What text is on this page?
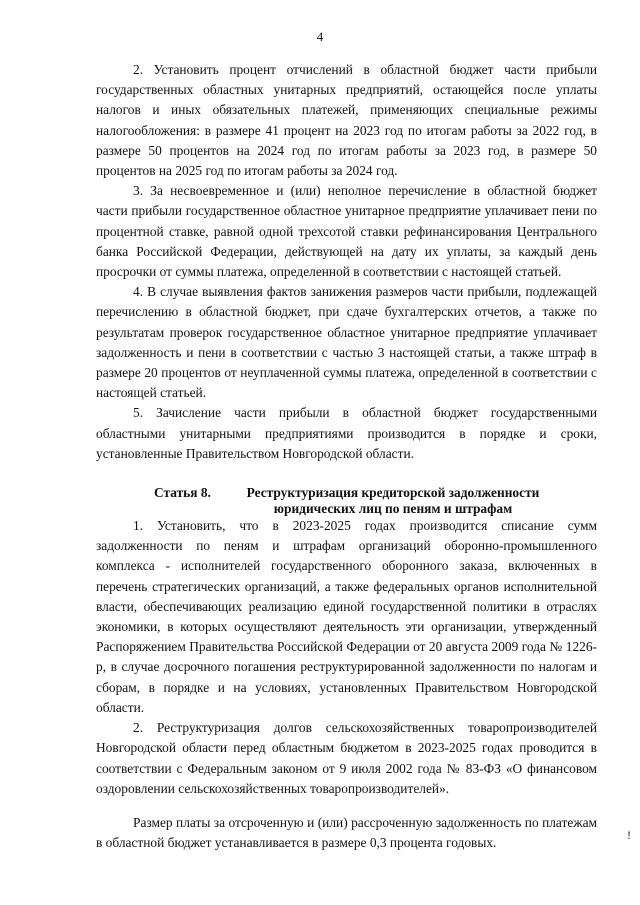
4

2. Установить процент отчислений в областной бюджет части прибыли государственных областных унитарных предприятий, остающейся после уплаты налогов и иных обязательных платежей, применяющих специальные режимы налогообложения: в размере 41 процент на 2023 год по итогам работы за 2022 год, в размере 50 процентов на 2024 год по итогам работы за 2023 год, в размере 50 процентов на 2025 год по итогам работы за 2024 год.

3. За несвоевременное и (или) неполное перечисление в областной бюджет части прибыли государственное областное унитарное предприятие уплачивает пени по процентной ставке, равной одной трехсотой ставки рефинансирования Центрального банка Российской Федерации, действующей на дату их уплаты, за каждый день просрочки от суммы платежа, определенной в соответствии с настоящей статьей.

4. В случае выявления фактов занижения размеров части прибыли, подлежащей перечислению в областной бюджет, при сдаче бухгалтерских отчетов, а также по результатам проверок государственное областное унитарное предприятие уплачивает задолженность и пени в соответствии с частью 3 настоящей статьи, а также штраф в размере 20 процентов от неуплаченной суммы платежа, определенной в соответствии с настоящей статьей.

5. Зачисление части прибыли в областной бюджет государственными областными унитарными предприятиями производится в порядке и сроки, установленные Правительством Новгородской области.

Статья 8.	Реструктуризация кредиторской задолженности
юридических лиц по пеням и штрафам

1. Установить, что в 2023-2025 годах производится списание сумм задолженности по пеням и штрафам организаций оборонно-промышленного комплекса - исполнителей государственного оборонного заказа, включенных в перечень стратегических организаций, а также федеральных органов исполнительной власти, обеспечивающих реализацию единой государственной политики в отраслях экономики, в которых осуществляют деятельность эти организации, утвержденный Распоряжением Правительства Российской Федерации от 20 августа 2009 года № 1226-р, в случае досрочного погашения реструктурированной задолженности по налогам и сборам, в порядке и на условиях, установленных Правительством Новгородской области.

2. Реструктуризация долгов сельскохозяйственных товаропроизводителей Новгородской области перед областным бюджетом в 2023-2025 годах проводится в соответствии с Федеральным законом от 9 июля 2002 года № 83-ФЗ «О финансовом оздоровлении сельскохозяйственных товаропроизводителей».

Размер платы за отсроченную и (или) рассроченную задолженность по платежам в областной бюджет устанавливается в размере 0,3 процента годовых.

!
